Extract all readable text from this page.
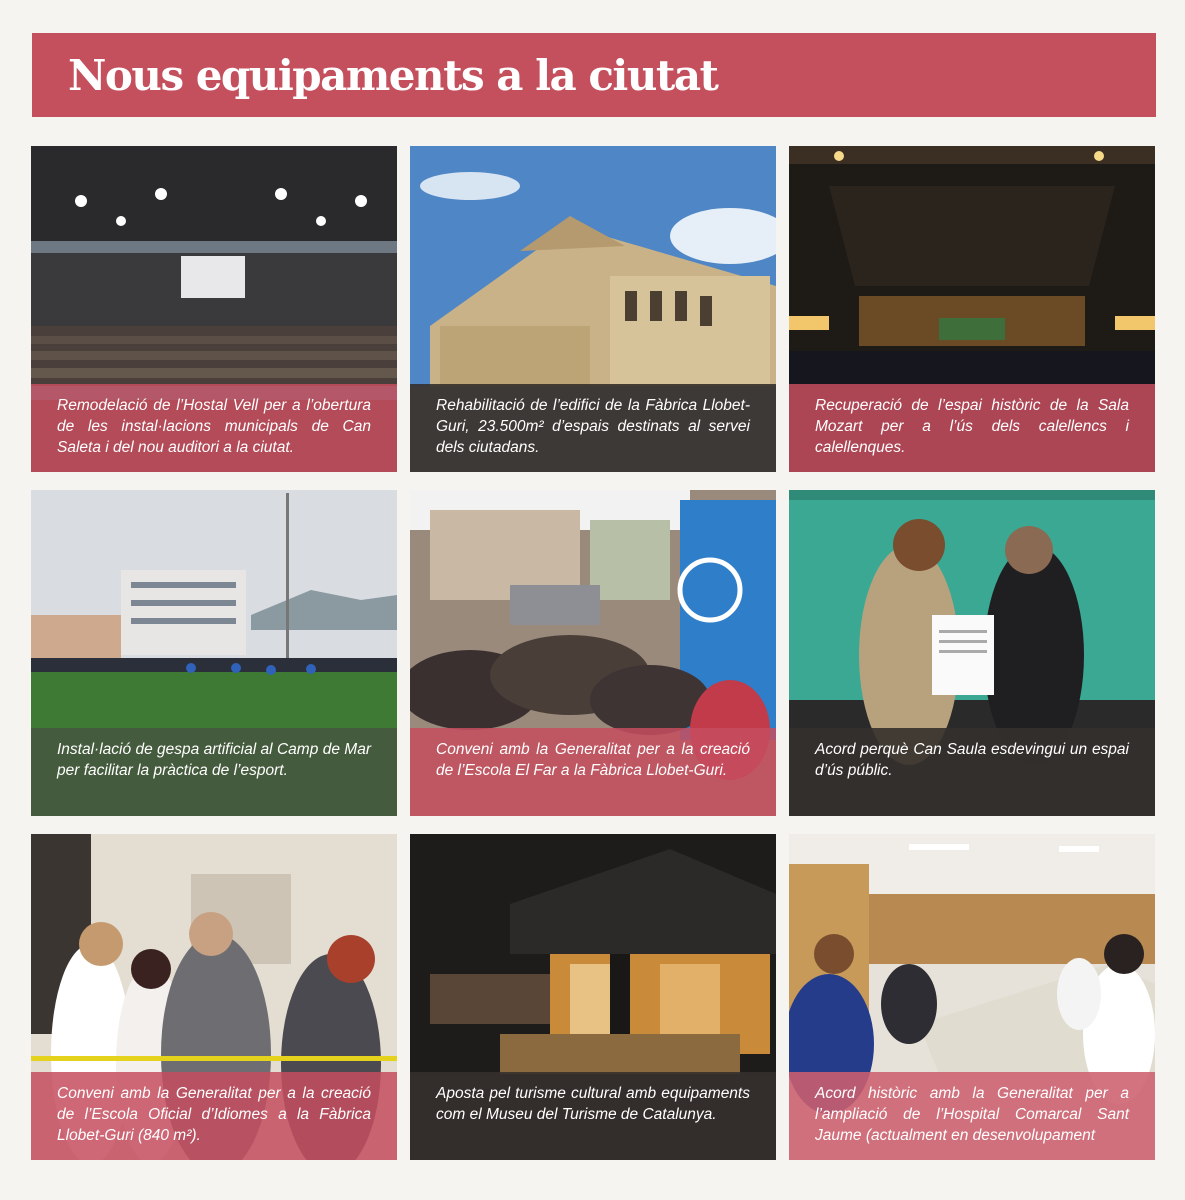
Nous equipaments a la ciutat
Remodelació de l’Hostal Vell per a l’obertura de les instal·lacions municipals de Can Saleta i del nou auditori a la ciutat.
Rehabilitació de l’edifici de la Fàbrica Llobet-Guri, 23.500m² d’espais destinats al servei dels ciutadans.
Recuperació de l’espai històric de la Sala Mozart per a l’ús dels calellencs i calellenques.
Instal·lació de gespa artificial al Camp de Mar per facilitar la pràctica de l’esport.
Conveni amb la Generalitat per a la creació de l’Escola El Far a la Fàbrica Llobet-Guri.
Acord perquè Can Saula esdevingui un espai d’ús públic.
Conveni amb la Generalitat per a la creació de l’Escola Oficial d’Idiomes a la Fàbrica Llobet-Guri (840 m²).
Aposta pel turisme cultural amb equipaments com el Museu del Turisme de Catalunya.
Acord històric amb la Generalitat per a l’ampliació de l’Hospital Comarcal Sant Jaume (actualment en desenvolupament
